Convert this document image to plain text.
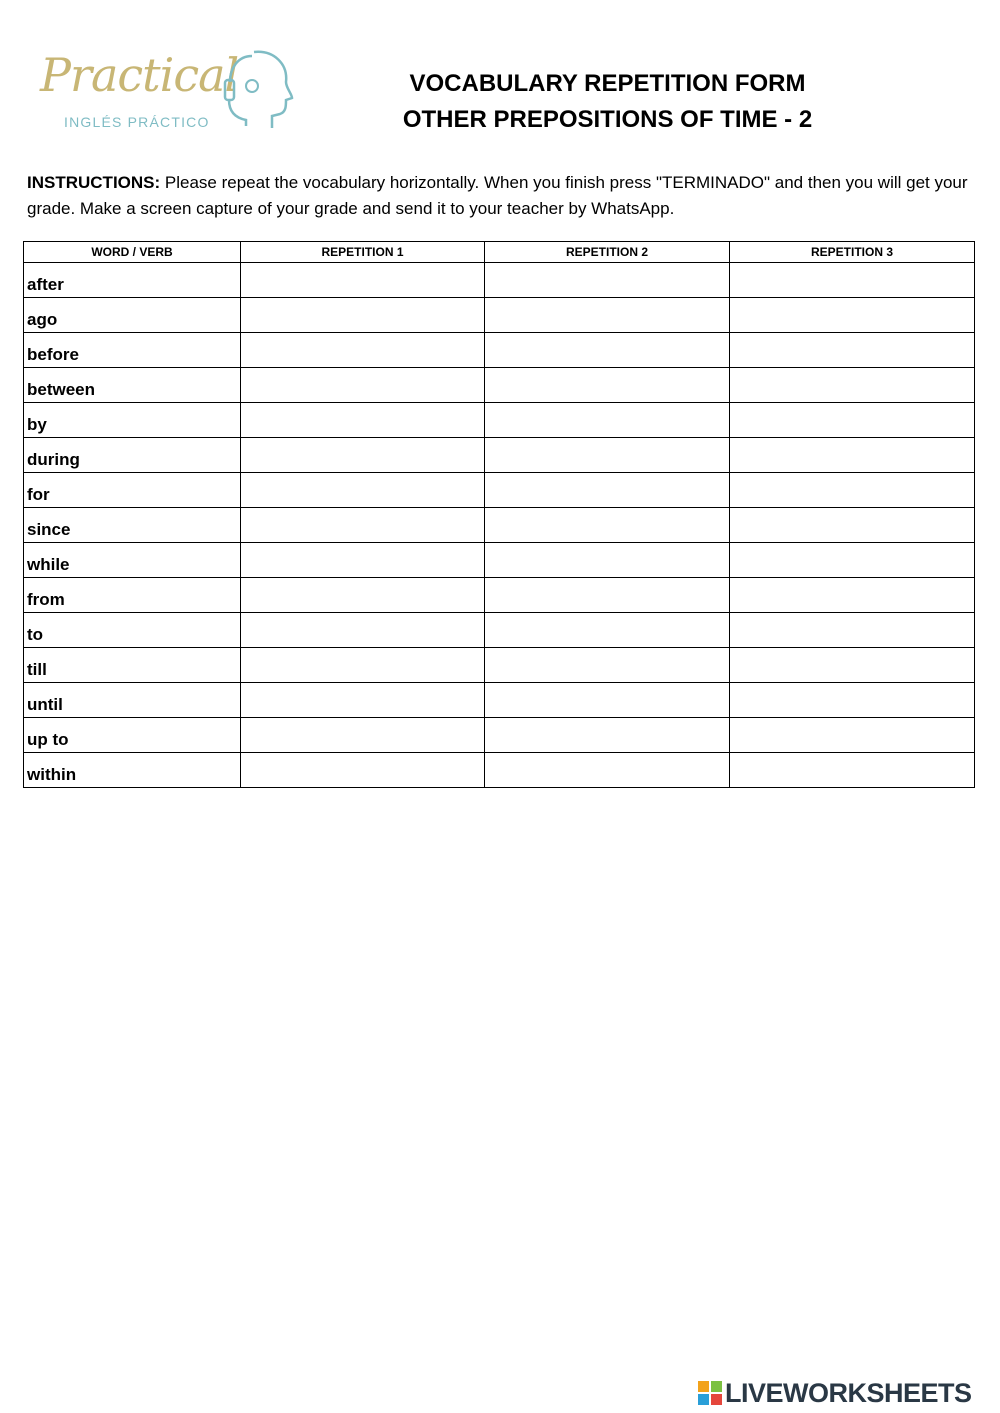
Practical
INGLÉS PRÁCTICO
VOCABULARY REPETITION FORM
OTHER PREPOSITIONS OF TIME - 2
INSTRUCTIONS: Please repeat the vocabulary horizontally. When you finish press "TERMINADO" and then you will get your grade. Make a screen capture of your grade and send it to your teacher by WhatsApp.
WORD / VERB	REPETITION 1	REPETITION 2	REPETITION 3
after			
ago			
before			
between			
by			
during			
for			
since			
while			
from			
to			
till			
until			
up to			
within			
LIVEWORKSHEETS
